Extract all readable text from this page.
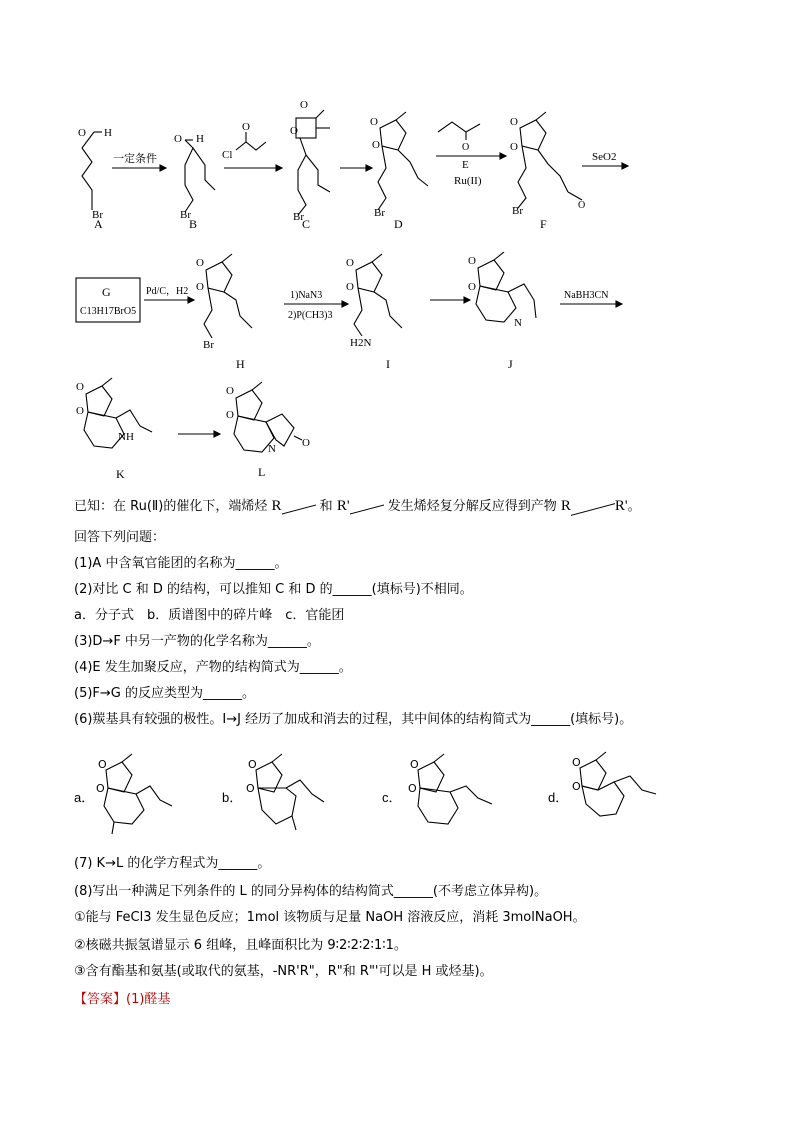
Br
H
O
A
一定条件
O H
Br
B
O
Cl
O
O
Br
C
O
O
Br
D
O
E
Ru(II)
O
O
Br	O
F
SeO2
G
C13H17BrO5
Pd/C，H2
O
O
Br
H
1)NaN3
2)P(CH3)3
O
O
H2N
I
O
O
N
J
NaBH3CN
O
O
NH
K
O
O
N O
L
已知：在 Ru(Ⅱ)的催化下，端烯烃 R	和 R'	发生烯烃复分解反应得到产物 R	R'。
回答下列问题：
(1)A 中含氧官能团的名称为______。
(2)对比 C 和 D 的结构，可以推知 C 和 D 的______(填标号)不相同。
a．分子式　b．质谱图中的碎片峰　c．官能团
(3)D→F 中另一产物的化学名称为______。
(4)E 发生加聚反应，产物的结构简式为______。
(5)F→G 的反应类型为______。
(6)羰基具有较强的极性。I→J 经历了加成和消去的过程，其中间体的结构简式为______(填标号)。
a．	b．	c．	d．
O
O
O
O
O
O
O
O
(7) K→L 的化学方程式为______。
(8)写出一种满足下列条件的 L 的同分异构体的结构简式______(不考虑立体异构)。
①能与 FeCl3 发生显色反应；1mol 该物质与足量 NaOH 溶液反应，消耗 3molNaOH。
②核磁共振氢谱显示 6 组峰，且峰面积比为 9∶2∶2∶2∶1∶1。
③含有酯基和氨基(或取代的氨基，-NR'R"，R"和 R"'可以是 H 或烃基)。
【答案】(1)醛基
